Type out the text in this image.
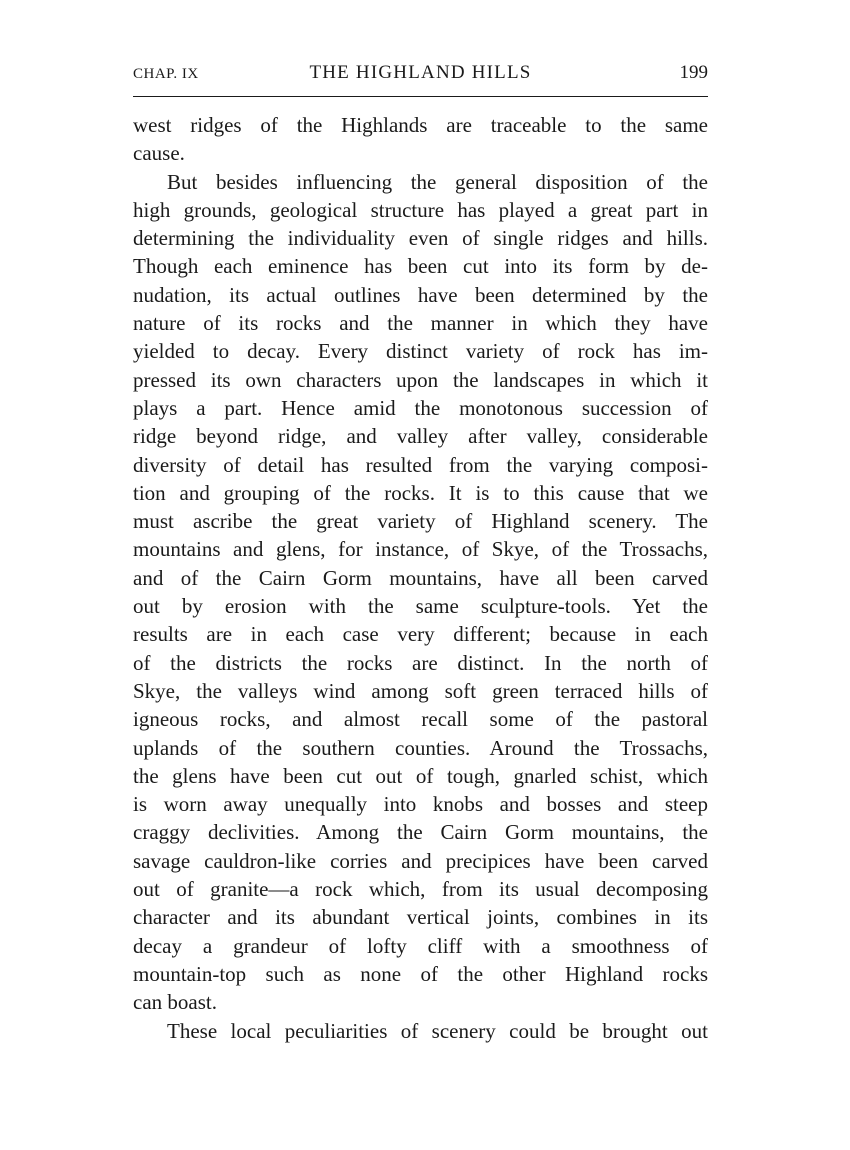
CHAP. IX	THE HIGHLAND HILLS	199
west ridges of the Highlands are traceable to the same
cause.
But besides influencing the general disposition of the
high grounds, geological structure has played a great part in
determining the individuality even of single ridges and hills.
Though each eminence has been cut into its form by de-
nudation, its actual outlines have been determined by the
nature of its rocks and the manner in which they have
yielded to decay. Every distinct variety of rock has im-
pressed its own characters upon the landscapes in which it
plays a part. Hence amid the monotonous succession of
ridge beyond ridge, and valley after valley, considerable
diversity of detail has resulted from the varying composi-
tion and grouping of the rocks. It is to this cause that we
must ascribe the great variety of Highland scenery. The
mountains and glens, for instance, of Skye, of the Trossachs,
and of the Cairn Gorm mountains, have all been carved
out by erosion with the same sculpture-tools. Yet the
results are in each case very different; because in each
of the districts the rocks are distinct. In the north of
Skye, the valleys wind among soft green terraced hills of
igneous rocks, and almost recall some of the pastoral
uplands of the southern counties. Around the Trossachs,
the glens have been cut out of tough, gnarled schist, which
is worn away unequally into knobs and bosses and steep
craggy declivities. Among the Cairn Gorm mountains, the
savage cauldron-like corries and precipices have been carved
out of granite—a rock which, from its usual decomposing
character and its abundant vertical joints, combines in its
decay a grandeur of lofty cliff with a smoothness of
mountain-top such as none of the other Highland rocks
can boast.
These local peculiarities of scenery could be brought out
